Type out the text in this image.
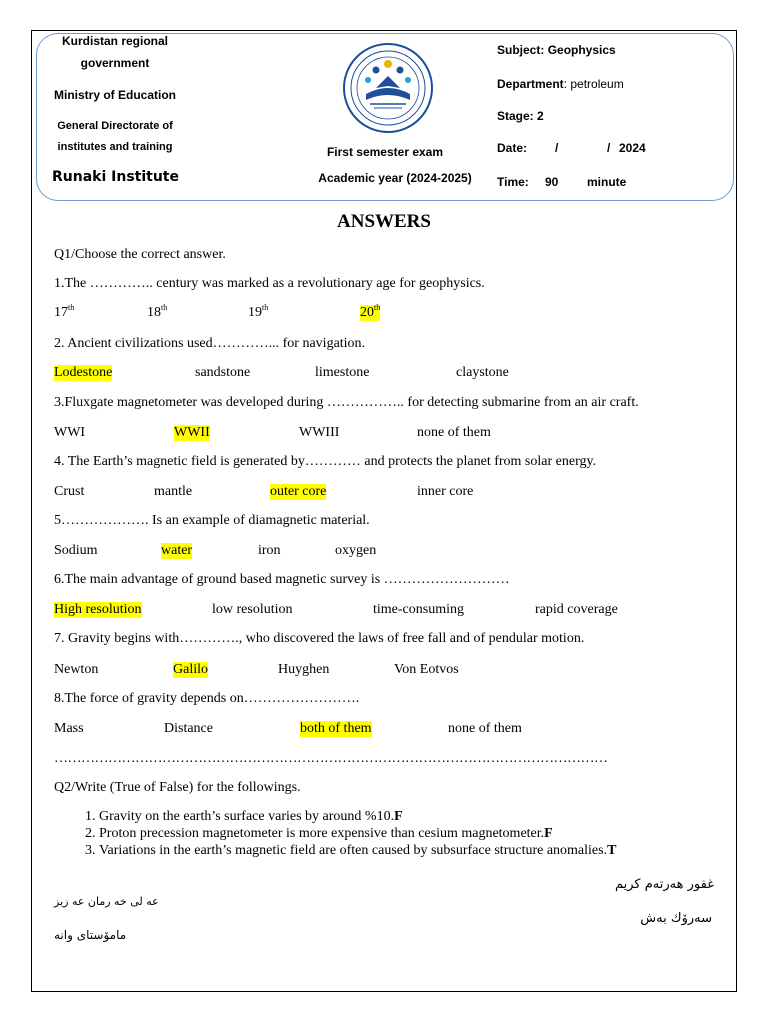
Kurdistan regional
government
Ministry of Education
General Directorate of
institutes and training
Runaki Institute
First semester exam
Academic year (2024-2025)
Subject: Geophysics
Department: petroleum
Stage: 2
Date: /	/ 2024
Time: 90 minute
ANSWERS
Q1/Choose the correct answer.
1.The ………….. century was marked as a revolutionary age for geophysics.
17th	18th	19th	20th
2. Ancient civilizations used…………... for navigation.
Lodestone	sandstone	limestone	claystone
3.Fluxgate magnetometer was developed during …………….. for detecting submarine from an air craft.
WWI	WWII	WWIII	none of them
4. The Earth’s magnetic field is generated by………… and protects the planet from solar energy.
Crust	mantle	outer core	inner core
5………………. Is an example of diamagnetic material.
Sodium	water	iron	oxygen
6.The main advantage of ground based magnetic survey is ………………………
High resolution	low resolution	time-consuming	rapid coverage
7. Gravity begins with…………., who discovered the laws of free fall and of pendular motion.
Newton	Galilo	Huyghen	Von Eotvos
8.The force of gravity depends on…………………….
Mass	Distance	both of them	none of them
……………………………………………………………………………………………………………
Q2/Write (True of False) for the followings.
1. Gravity on the earth’s surface varies by around %10.F
2. Proton precession magnetometer is more expensive than cesium magnetometer.F
3. Variations in the earth’s magnetic field are often caused by subsurface structure anomalies.T
عه لی خه رمان عه زیز
مامۆستای وانه
غفور هەرتەم کریم
سەرۆك بەش
